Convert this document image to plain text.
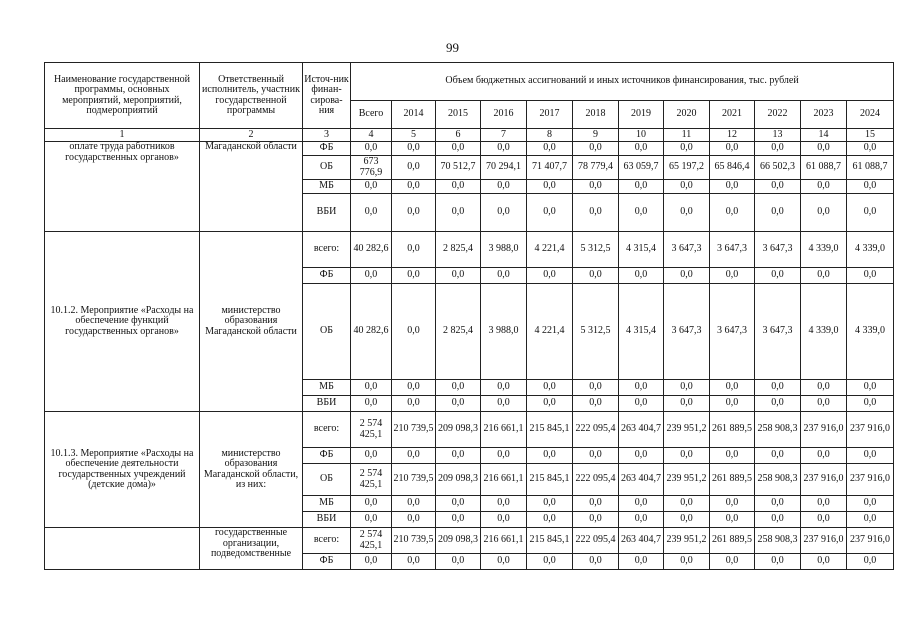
99
Наименование государственной программы, основных мероприятий, мероприятий, подмероприятий	Ответственный исполнитель, участник государственной программы	Источ-ник финан-сирова-ния	Объем бюджетных ассигнований и иных источников финансирования, тыс. рублей											
			Всего	2014	2015	2016	2017	2018	2019	2020	2021	2022	2023	2024
1	2	3	4	5	6	7	8	9	10	11	12	13	14	15
оплате труда работников государственных органов»	Магаданской области	ФБ	0,0	0,0	0,0	0,0	0,0	0,0	0,0	0,0	0,0	0,0	0,0	0,0
		ОБ	673 776,9	0,0	70 512,7	70 294,1	71 407,7	78 779,4	63 059,7	65 197,2	65 846,4	66 502,3	61 088,7	61 088,7
		МБ	0,0	0,0	0,0	0,0	0,0	0,0	0,0	0,0	0,0	0,0	0,0	0,0
		ВБИ	0,0	0,0	0,0	0,0	0,0	0,0	0,0	0,0	0,0	0,0	0,0	0,0
10.1.2. Мероприятие «Расходы на обеспечение функций государственных органов»	министерство образования Магаданской области	всего:	40 282,6	0,0	2 825,4	3 988,0	4 221,4	5 312,5	4 315,4	3 647,3	3 647,3	3 647,3	4 339,0	4 339,0
		ФБ	0,0	0,0	0,0	0,0	0,0	0,0	0,0	0,0	0,0	0,0	0,0	0,0
		ОБ	40 282,6	0,0	2 825,4	3 988,0	4 221,4	5 312,5	4 315,4	3 647,3	3 647,3	3 647,3	4 339,0	4 339,0
		МБ	0,0	0,0	0,0	0,0	0,0	0,0	0,0	0,0	0,0	0,0	0,0	0,0
		ВБИ	0,0	0,0	0,0	0,0	0,0	0,0	0,0	0,0	0,0	0,0	0,0	0,0
10.1.3. Мероприятие «Расходы на обеспечение деятельности государственных учреждений (детские дома)»	министерство образования Магаданской области, из них:	всего:	2 574 425,1	210 739,5	209 098,3	216 661,1	215 845,1	222 095,4	263 404,7	239 951,2	261 889,5	258 908,3	237 916,0	237 916,0
		ФБ	0,0	0,0	0,0	0,0	0,0	0,0	0,0	0,0	0,0	0,0	0,0	0,0
		ОБ	2 574 425,1	210 739,5	209 098,3	216 661,1	215 845,1	222 095,4	263 404,7	239 951,2	261 889,5	258 908,3	237 916,0	237 916,0
		МБ	0,0	0,0	0,0	0,0	0,0	0,0	0,0	0,0	0,0	0,0	0,0	0,0
		ВБИ	0,0	0,0	0,0	0,0	0,0	0,0	0,0	0,0	0,0	0,0	0,0	0,0
	государственные организации, подведомственные	всего:	2 574 425,1	210 739,5	209 098,3	216 661,1	215 845,1	222 095,4	263 404,7	239 951,2	261 889,5	258 908,3	237 916,0	237 916,0
		ФБ	0,0	0,0	0,0	0,0	0,0	0,0	0,0	0,0	0,0	0,0	0,0	0,0
